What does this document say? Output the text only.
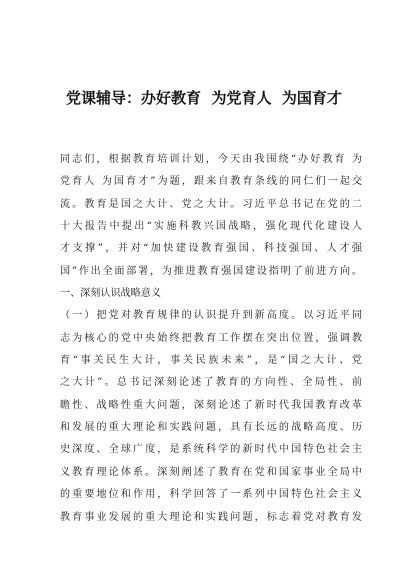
党课辅导：办好教育  为党育人  为国育才
同志们，根据教育培训计划，今天由我围绕“办好教育 为
党育人 为国育才”为题，跟来自教育条线的同仁们一起交
流。教育是国之大计、党之大计。习近平总书记在党的二
十大报告中提出“实施科教兴国战略，强化现代化建设人
才支撑”，并对“加快建设教育强国、科技强国、人才强
国”作出全面部署，为推进教育强国建设指明了前进方向。
一、深刻认识战略意义
（一）把党对教育规律的认识提升到新高度。以习近平同
志为核心的党中央始终把教育工作摆在突出位置，强调教
育“事关民生大计，事关民族未来”，是“国之大计、党
之大计”。总书记深刻论述了教育的方向性、全局性、前
瞻性、战略性重大问题，深刻论述了新时代我国教育改革
和发展的重大理论和实践问题，具有长远的战略高度、历
史深度、全球广度，是系统科学的新时代中国特色社会主
义教育理论体系。深刻阐述了教育在党和国家事业全局中
的重要地位和作用，科学回答了一系列中国特色社会主义
教育事业发展的重大理论和实践问题，标志着党对教育发
